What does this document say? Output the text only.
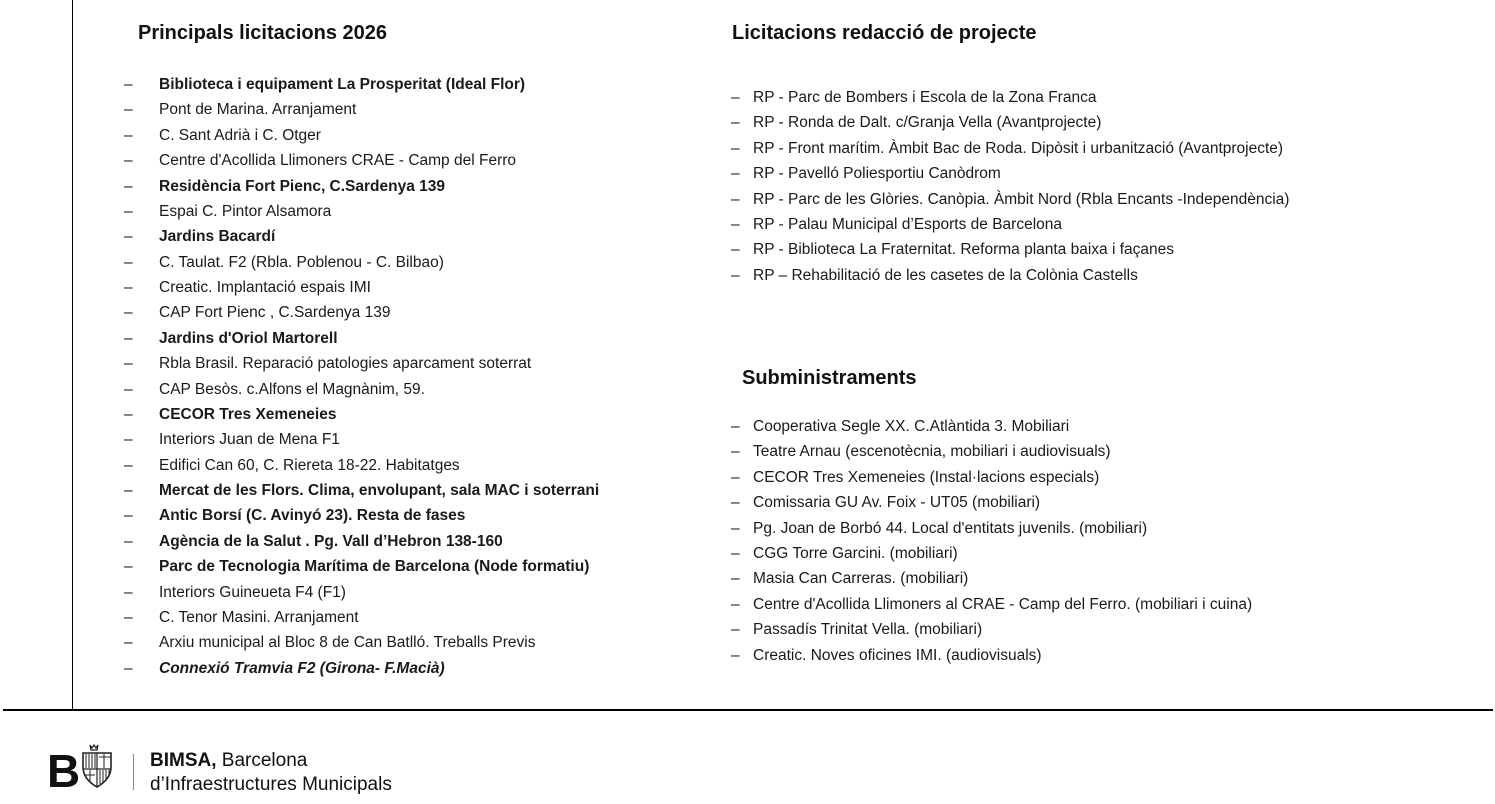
Principals licitacions 2026
– Biblioteca i equipament La Prosperitat (Ideal Flor)
– Pont de Marina. Arranjament
– C. Sant Adrià i C. Otger
– Centre d'Acollida Llimoners CRAE - Camp del Ferro
– Residència Fort Pienc, C.Sardenya 139
– Espai C. Pintor Alsamora
– Jardins Bacardí
– C. Taulat. F2 (Rbla. Poblenou - C. Bilbao)
– Creatic. Implantació espais IMI
– CAP Fort Pienc , C.Sardenya 139
– Jardins d'Oriol Martorell
– Rbla Brasil. Reparació patologies aparcament soterrat
– CAP Besòs. c.Alfons el Magnànim, 59.
– CECOR Tres Xemeneies
– Interiors Juan de Mena F1
– Edifici Can 60, C. Riereta 18-22. Habitatges
– Mercat de les Flors. Clima, envolupant, sala MAC i soterrani
– Antic Borsí (C. Avinyó 23). Resta de fases
– Agència de la Salut . Pg. Vall d’Hebron 138-160
– Parc de Tecnologia Marítima de Barcelona (Node formatiu)
– Interiors Guineueta F4 (F1)
– C. Tenor Masini. Arranjament
– Arxiu municipal al Bloc 8 de Can Batlló. Treballs Previs
– Connexió Tramvia F2 (Girona- F.Macià)
Licitacions redacció de projecte
– RP - Parc de Bombers i Escola de la Zona Franca
– RP - Ronda de Dalt. c/Granja Vella (Avantprojecte)
– RP - Front marítim. Àmbit Bac de Roda. Dipòsit i urbanització (Avantprojecte)
– RP - Pavelló Poliesportiu Canòdrom
– RP - Parc de les Glòries. Canòpia. Àmbit Nord (Rbla Encants -Independència)
– RP - Palau Municipal d’Esports de Barcelona
– RP - Biblioteca La Fraternitat. Reforma planta baixa i façanes
– RP – Rehabilitació de les casetes de la Colònia Castells
Subministraments
– Cooperativa Segle XX. C.Atlàntida 3. Mobiliari
– Teatre Arnau (escenotècnia, mobiliari i audiovisuals)
– CECOR Tres Xemeneies (Instal·lacions especials)
– Comissaria GU Av. Foix - UT05 (mobiliari)
– Pg. Joan de Borbó 44. Local d'entitats juvenils. (mobiliari)
– CGG Torre Garcini. (mobiliari)
– Masia Can Carreras. (mobiliari)
– Centre d'Acollida Llimoners al CRAE - Camp del Ferro. (mobiliari i cuina)
– Passadís Trinitat Vella. (mobiliari)
– Creatic. Noves oficines IMI. (audiovisuals)
B	BIMSA, Barcelona
d’Infraestructures Municipals
